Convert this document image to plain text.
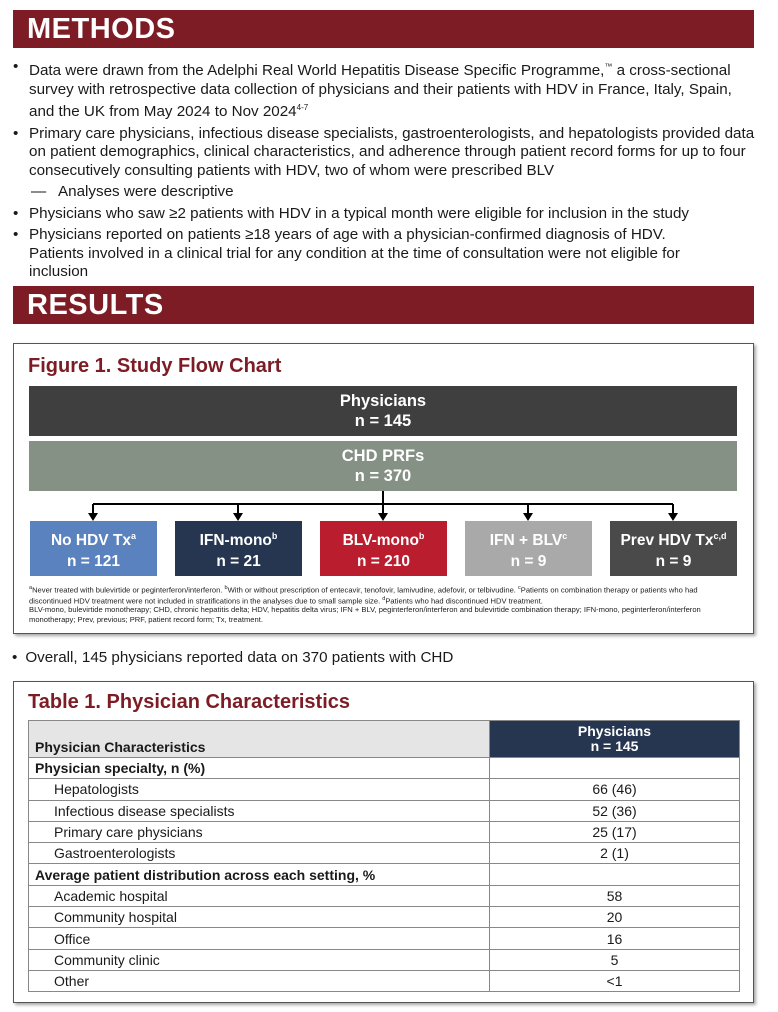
METHODS
• Data were drawn from the Adelphi Real World Hepatitis Disease Specific Programme,™ a cross-sectional survey with retrospective data collection of physicians and their patients with HDV in France, Italy, Spain, and the UK from May 2024 to Nov 2024$^{4-7}$
• Primary care physicians, infectious disease specialists, gastroenterologists, and hepatologists provided data on patient demographics, clinical characteristics, and adherence through patient record forms for up to four consecutively consulting patients with HDV, two of whom were prescribed BLV
— Analyses were descriptive
• Physicians who saw ≥2 patients with HDV in a typical month were eligible for inclusion in the study
• Physicians reported on patients ≥18 years of age with a physician-confirmed diagnosis of HDV. Patients involved in a clinical trial for any condition at the time of consultation were not eligible for inclusion
RESULTS
Figure 1. Study Flow Chart
Physicians
n = 145
CHD PRFs
n = 370
No HDV Tx$^a$
n = 121
IFN-mono$^b$
n = 21
BLV-mono$^b$
n = 210
IFN + $BLV^c$
n = 9
Prev HDV Tx$^{c,d}$
n = 9
$^a$Never treated with bulevirtide or peginterferon/interferon. $^b$With or without prescription of entecavir, tenofovir, lamivudine, adefovir, or telbivudine. $^c$Patients on combination therapy or patients who had discontinued HDV treatment were not included in stratifications in the analyses due to small sample size. $^d$Patients who had discontinued HDV treatment.
BLV-mono, bulevirtide monotherapy; CHD, chronic hepatitis delta; HDV, hepatitis delta virus; IFN + BLV, peginterferon/interferon and bulevirtide combination therapy; IFN-mono, peginterferon/interferon monotherapy; Prev, previous; PRF, patient record form; Tx, treatment.
• Overall, 145 physicians reported data on 370 patients with CHD
Table 1. Physician Characteristics
Physician Characteristics	Physicians
n = 145

Physician specialty, n (%)	
Hepatologists	66 (46)
Infectious disease specialists	52 (36)
Primary care physicians	25 (17)
Gastroenterologists	2 (1)
Average patient distribution across each setting, %	
Academic hospital	58
Community hospital	20
Office	16
Community clinic	5
Other	<1
